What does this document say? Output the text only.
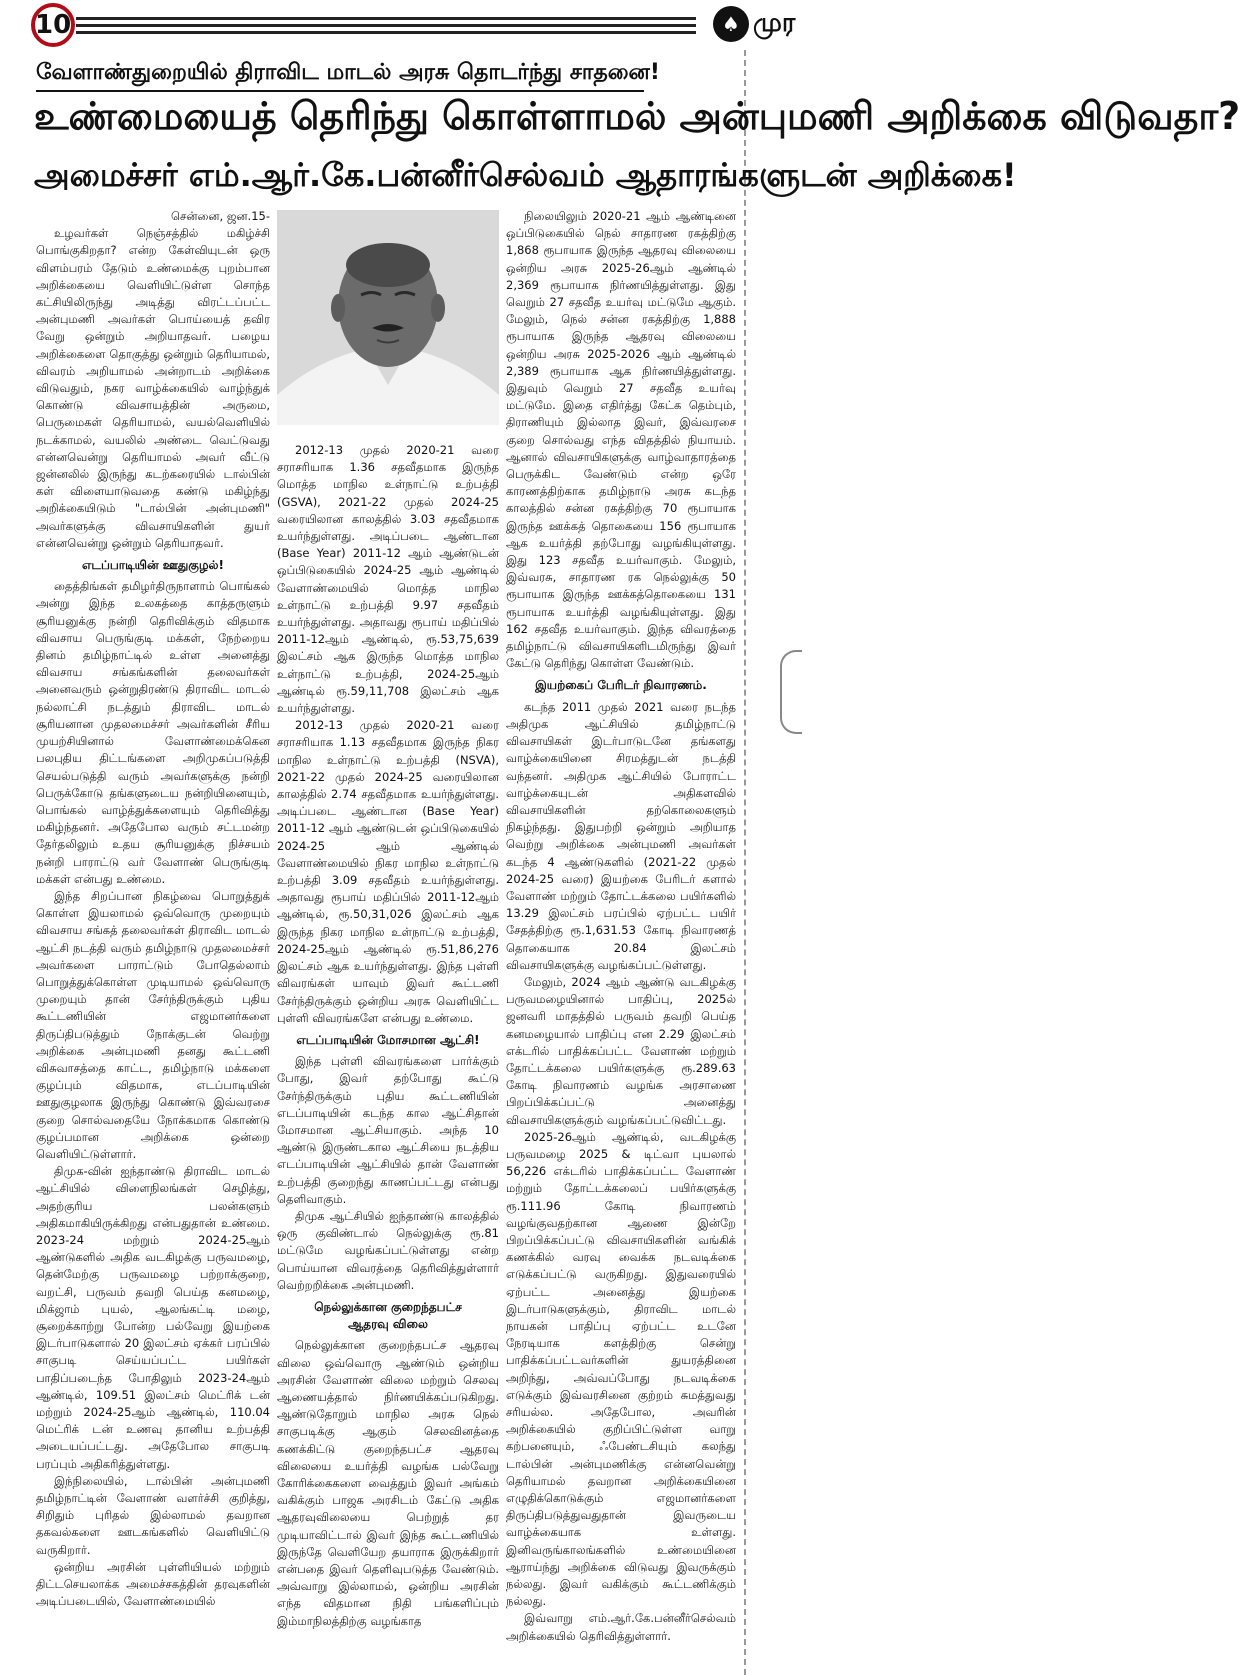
10	♠ முர
வேளாண்துறையில் திராவிட மாடல் அரசு தொடர்ந்து சாதனை!
உண்மையைத் தெரிந்து கொள்ளாமல் அன்புமணி அறிக்கை விடுவதா?
அமைச்சர் எம்.ஆர்.கே.பன்னீர்செல்வம் ஆதாரங்களுடன் அறிக்கை!

சென்னை, ஜன.15-

உழவர்கள் நெஞ்சத்தில் மகிழ்ச்சி பொங்குகிறதா? என்ற கேள்வியுடன் ஒரு விளம்பரம் தேடும் உண்மைக்கு புறம்பான அறிக்கையை வெளியிட்டுள்ள சொந்த கட்சியிலிருந்து அடித்து விரட்டப்பட்ட அன்புமணி அவர்கள் பொய்யைத் தவிர வேறு ஒன்றும் அறியாதவர். பழைய அறிக்கைளை தொகுத்து ஒன்றும் தெரியாமல், விவரம் அறியாமல் அன்றாடம் அறிக்கை விடுவதும், நகர வாழ்க்கையில் வாழ்ந்துக் கொண்டு விவசாயத்தின் அருமை, பெருமைகள் தெரியாமல், வயல்வெளியில் நடக்காமல், வயலில் அண்டை வெட்டுவது என்னவென்று தெரியாமல் அவர் வீட்டு ஜன்னலில் இருந்து கடற்கரையில் டால்பின் கள் விளையாடுவதை கண்டு மகிழ்ந்து அறிக்கையிடும் "டால்பின் அன்புமணி" அவர்களுக்கு விவசாயிகளின் துயர் என்னவென்று ஒன்றும் தெரியாதவர்.

எடப்பாடியின் ஊதுகுழல்!

தைத்திங்கள் தமிழர்திருநாளாம் பொங்கல் அன்று இந்த உலகத்தை காத்தருளும் சூரியனுக்கு நன்றி தெரிவிக்கும் விதமாக விவசாய பெருங்குடி மக்கள், நேற்றைய தினம் தமிழ்நாட்டில் உள்ள அனைத்து விவசாய சங்கங்களின் தலைவர்கள் அனைவரும் ஒன்றுதிரண்டு திராவிட மாடல் நல்லாட்சி நடத்தும் திராவிட மாடல் சூரியனான முதலமைச்சர் அவர்களின் சீரிய முயற்சியினால் வேளாண்மைக்கென பலபுதிய திட்டங்களை அறிமுகப்படுத்தி செயல்படுத்தி வரும் அவர்களுக்கு நன்றி பெருக்கோடு தங்களுடைய நன்றியினையும், பொங்கல் வாழ்த்துக்களையும் தெரிவித்து மகிழ்ந்தனர். அதேபோல வரும் சட்டமன்ற தேர்தலிலும் உதய சூரியனுக்கு நிச்சயம் நன்றி பாராட்டு வர் வேளாண் பெருங்குடி மக்கள் என்பது உண்மை.

இந்த சிறப்பான நிகழ்வை பொறுத்துக் கொள்ள இயலாமல் ஒவ்வொரு முறையும் விவசாய சங்கத் தலைவர்கள் திராவிட மாடல் ஆட்சி நடத்தி வரும் தமிழ்நாடு முதலமைச்சர் அவர்களை பாராட்டும் போதெல்லாம் பொறுத்துக்கொள்ள முடியாமல் ஒவ்வொரு முறையும் தான் சேர்ந்திருக்கும் புதிய கூட்டணியின் எஜமானர்களை திருப்திபடுத்தும் நோக்குடன் வெற்று அறிக்கை அன்புமணி தனது கூட்டணி விசுவாசத்தை காட்ட, தமிழ்நாடு மக்களை குழப்பும் விதமாக, எடப்பாடியின் ஊதுகுழலாக இருந்து கொண்டு இவ்வரசை குறை சொல்வதையே நோக்கமாக கொண்டு குழப்பமான அறிக்கை ஒன்றை வெளியிட்டுள்ளார்.

திமுக-வின் ஐந்தாண்டு திராவிட மாடல் ஆட்சியில் விளைநிலங்கள் செழித்து, அதற்குரிய பலன்களும் அதிகமாகியிருக்கிறது என்பதுதான் உண்மை. 2023-24 மற்றும் 2024-25ஆம் ஆண்டுகளில் அதிக வடகிழக்கு பருவமழை, தென்மேற்கு பருவமழை பற்றாக்குறை, வறட்சி, பருவம் தவறி பெய்த கனமழை, மிக்ஜாம் புயல், ஆலங்கட்டி மழை, சூறைக்காற்று போன்ற பல்வேறு இயற்கை இடர்பாடுகளால் 20 இலட்சம் ஏக்கர் பரப்பில் சாகுபடி செய்யப்பட்ட பயிர்கள் பாதிப்படைந்த போதிலும் 2023-24ஆம் ஆண்டில், 109.51 இலட்சம் மெட்ரிக் டன் மற்றும் 2024-25ஆம் ஆண்டில், 110.04 மெட்ரிக் டன் உணவு தானிய உற்பத்தி அடையப்பட்டது. அதேபோல சாகுபடி பரப்பும் அதிகரித்துள்ளது.

இந்நிலையில், டால்பின் அன்புமணி தமிழ்நாட்டின் வேளாண் வளர்ச்சி குறித்து, சிறிதும் புரிதல் இல்லாமல் தவறான தகவல்களை ஊடகங்களில் வெளியிட்டு வருகிறார்.

ஒன்றிய அரசின் புள்ளியியல் மற்றும் திட்டசெயலாக்க அமைச்சகத்தின் தரவுகளின் அடிப்படையில், வேளாண்மையில்

2012-13 முதல் 2020-21 வரை சராசரியாக 1.36 சதவீதமாக இருந்த மொத்த மாநில உள்நாட்டு உற்பத்தி (GSVA), 2021-22 முதல் 2024-25 வரையிலான காலத்தில் 3.03 சதவீதமாக உயர்ந்துள்ளது. அடிப்படை ஆண்டான (Base Year) 2011-12 ஆம் ஆண்டுடன் ஒப்பிடுகையில் 2024-25 ஆம் ஆண்டில் வேளாண்மையில் மொத்த மாநில உள்நாட்டு உற்பத்தி 9.97 சதவீதம் உயர்ந்துள்ளது. அதாவது ரூபாய் மதிப்பில் 2011-12ஆம் ஆண்டில், ரூ.53,75,639 இலட்சம் ஆக இருந்த மொத்த மாநில உள்நாட்டு உற்பத்தி, 2024-25ஆம் ஆண்டில் ரூ.59,11,708 இலட்சம் ஆக உயர்ந்துள்ளது.

2012-13 முதல் 2020-21 வரை சராசரியாக 1.13 சதவீதமாக இருந்த நிகர மாநில உள்நாட்டு உற்பத்தி (NSVA), 2021-22 முதல் 2024-25 வரையிலான காலத்தில் 2.74 சதவீதமாக உயர்ந்துள்ளது. அடிப்படை ஆண்டான (Base Year) 2011-12 ஆம் ஆண்டுடன் ஒப்பிடுகையில் 2024-25 ஆம் ஆண்டில் வேளாண்மையில் நிகர மாநில உள்நாட்டு உற்பத்தி 3.09 சதவீதம் உயர்ந்துள்ளது. அதாவது ரூபாய் மதிப்பில் 2011-12ஆம் ஆண்டில், ரூ.50,31,026 இலட்சம் ஆக இருந்த நிகர மாநில உள்நாட்டு உற்பத்தி, 2024-25ஆம் ஆண்டில் ரூ.51,86,276 இலட்சம் ஆக உயர்ந்துள்ளது. இந்த புள்ளி விவரங்கள் யாவும் இவர் கூட்டணி சேர்ந்திருக்கும் ஒன்றிய அரசு வெளியிட்ட புள்ளி விவரங்களே என்பது உண்மை.

எடப்பாடியின் மோசமான ஆட்சி!

இந்த புள்ளி விவரங்களை பார்க்கும் போது, இவர் தற்போது கூட்டு சேர்ந்திருக்கும் புதிய கூட்டணியின் எடப்பாடியின் கடந்த கால ஆட்சிதான் மோசமான ஆட்சியாகும். அந்த 10 ஆண்டு இருண்டகால ஆட்சியை நடத்திய எடப்பாடியின் ஆட்சியில் தான் வேளாண் உற்பத்தி குறைந்து காணப்பட்டது என்பது தெளிவாகும்.

திமுக ஆட்சியில் ஐந்தாண்டு காலத்தில் ஒரு குவிண்டால் நெல்லுக்கு ரூ.81 மட்டுமே வழங்கப்பட்டுள்ளது என்ற பொய்யான விவரத்தை தெரிவித்துள்ளார் வெற்றறிக்கை அன்புமணி.

நெல்லுக்கான குறைந்தபட்ச
ஆதரவு விலை

நெல்லுக்கான குறைந்தபட்ச ஆதரவு விலை ஒவ்வொரு ஆண்டும் ஒன்றிய அரசின் வேளாண் விலை மற்றும் செலவு ஆணையத்தால் நிர்ணயிக்கப்படுகிறது. ஆண்டுதோறும் மாநில அரசு நெல் சாகுபடிக்கு ஆகும் செலவினத்தை கணக்கிட்டு குறைந்தபட்ச ஆதரவு விலையை உயர்த்தி வழங்க பல்வேறு கோரிக்கைகளை வைத்தும் இவர் அங்கம் வகிக்கும் பாஜக அரசிடம் கேட்டு அதிக ஆதரவுவிலையை பெற்றுத் தர முடியாவிட்டால் இவர் இந்த கூட்டணியில் இருந்தே வெளியேற தயாராக இருக்கிறார் என்பதை இவர் தெளிவுபடுத்த வேண்டும். அவ்வாறு இல்லாமல், ஒன்றிய அரசின் எந்த விதமான நிதி பங்களிப்பும் இம்மாநிலத்திற்கு வழங்காத

நிலையிலும் 2020-21 ஆம் ஆண்டினை ஒப்பிடுகையில் நெல் சாதாரண ரகத்திற்கு 1,868 ரூபாயாக இருந்த ஆதரவு விலையை ஒன்றிய அரசு 2025-26ஆம் ஆண்டில் 2,369 ரூபாயாக நிர்ணயித்துள்ளது. இது வெறும் 27 சதவீத உயர்வு மட்டுமே ஆகும். மேலும், நெல் சன்ன ரகத்திற்கு 1,888 ரூபாயாக இருந்த ஆதரவு விலையை ஒன்றிய அரசு 2025-2026 ஆம் ஆண்டில் 2,389 ரூபாயாக ஆக நிர்ணயித்துள்ளது. இதுவும் வெறும் 27 சதவீத உயர்வு மட்டுமே. இதை எதிர்த்து கேட்க தெம்பும், திராணியும் இல்லாத இவர், இவ்வரசை குறை சொல்வது எந்த விதத்தில் நியாயம். ஆனால் விவசாயிகளுக்கு வாழ்வாதாரத்தை பெருக்கிட வேண்டும் என்ற ஒரே காரணத்திற்காக தமிழ்நாடு அரசு கடந்த காலத்தில் சன்ன ரகத்திற்கு 70 ரூபாயாக இருந்த ஊக்கத் தொகையை 156 ரூபாயாக ஆக உயர்த்தி தற்போது வழங்கியுள்ளது. இது 123 சதவீத உயர்வாகும். மேலும், இவ்வரசு, சாதாரண ரக நெல்லுக்கு 50 ரூபாயாக இருந்த ஊக்கத்தொகையை 131 ரூபாயாக உயர்த்தி வழங்கியுள்ளது. இது 162 சதவீத உயர்வாகும். இந்த விவரத்தை தமிழ்நாட்டு விவசாயிகளிடமிருந்து இவர் கேட்டு தெரிந்து கொள்ள வேண்டும்.

இயற்கைப் பேரிடர் நிவாரணம்.

கடந்த 2011 முதல் 2021 வரை நடந்த அதிமுக ஆட்சியில் தமிழ்நாட்டு விவசாயிகள் இடர்பாடுடனே தங்களது வாழ்க்கையினை சிரமத்துடன் நடத்தி வந்தனர். அதிமுக ஆட்சியில் போராட்ட வாழ்க்கையுடன் அதிகளவில் விவசாயிகளின் தற்கொலைகளும் நிகழ்ந்தது. இதுபற்றி ஒன்றும் அறியாத வெற்று அறிக்கை அன்புமணி அவர்கள் கடந்த 4 ஆண்டுகளில் (2021-22 முதல் 2024-25 வரை) இயற்கை பேரிடர் களால் வேளாண் மற்றும் தோட்டக்கலை பயிர்களில் 13.29 இலட்சம் பரப்பில் ஏற்பட்ட பயிர் சேதத்திற்கு ரூ.1,631.53 கோடி நிவாரணத் தொகையாக 20.84 இலட்சம் விவசாயிகளுக்கு வழங்கப்பட்டுள்ளது.

மேலும், 2024 ஆம் ஆண்டு வடகிழக்கு பருவமழையினால் பாதிப்பு, 2025ல் ஜனவரி மாதத்தில் பருவம் தவறி பெய்த கனமழையால் பாதிப்பு என 2.29 இலட்சம் எக்டரில் பாதிக்கப்பட்ட வேளாண் மற்றும் தோட்டக்கலை பயிர்களுக்கு ரூ.289.63 கோடி நிவாரணம் வழங்க அரசாணை பிறப்பிக்கப்பட்டு அனைத்து விவசாயிகளுக்கும் வழங்கப்பட்டுவிட்டது.

2025-26ஆம் ஆண்டில், வடகிழக்கு பருவமழை 2025 & டிட்வா புயலால் 56,226 எக்டரில் பாதிக்கப்பட்ட வேளாண் மற்றும் தோட்டக்கலைப் பயிர்களுக்கு ரூ.111.96 கோடி நிவாரணம் வழங்குவதற்கான ஆணை இன்றே பிறப்பிக்கப்பட்டு விவசாயிகளின் வங்கிக் கணக்கில் வரவு வைக்க நடவடிக்கை எடுக்கப்பட்டு வருகிறது. இதுவரையில் ஏற்பட்ட அனைத்து இயற்கை இடர்பாடுகளுக்கும், திராவிட மாடல் நாயகன் பாதிப்பு ஏற்பட்ட உடனே நேரடியாக களத்திற்கு சென்று பாதிக்கப்பட்டவர்களின் துயரத்தினை அறிந்து, அவ்வப்போது நடவடிக்கை எடுக்கும் இவ்வரசினை குற்றம் சுமத்துவது சரியல்ல. அதேபோல, அவரின் அறிக்கையில் குறிப்பிட்டுள்ள வாறு கற்பனையும், ஃபேண்டசியும் கலந்து டால்பின் அன்புமணிக்கு என்னவென்று தெரியாமல் தவறான அறிக்கையினை எழுதிக்கொடுக்கும் எஜமானர்களை திருப்திபடுத்துவதுதான் இவருடைய வாழ்க்கையாக உள்ளது. இனிவருங்காலங்களில் உண்மையினை ஆராய்ந்து அறிக்கை விடுவது இவருக்கும் நல்லது. இவர் வகிக்கும் கூட்டணிக்கும் நல்லது.

இவ்வாறு எம்.ஆர்.கே.பன்னீர்செல்வம் அறிக்கையில் தெரிவித்துள்ளார்.
